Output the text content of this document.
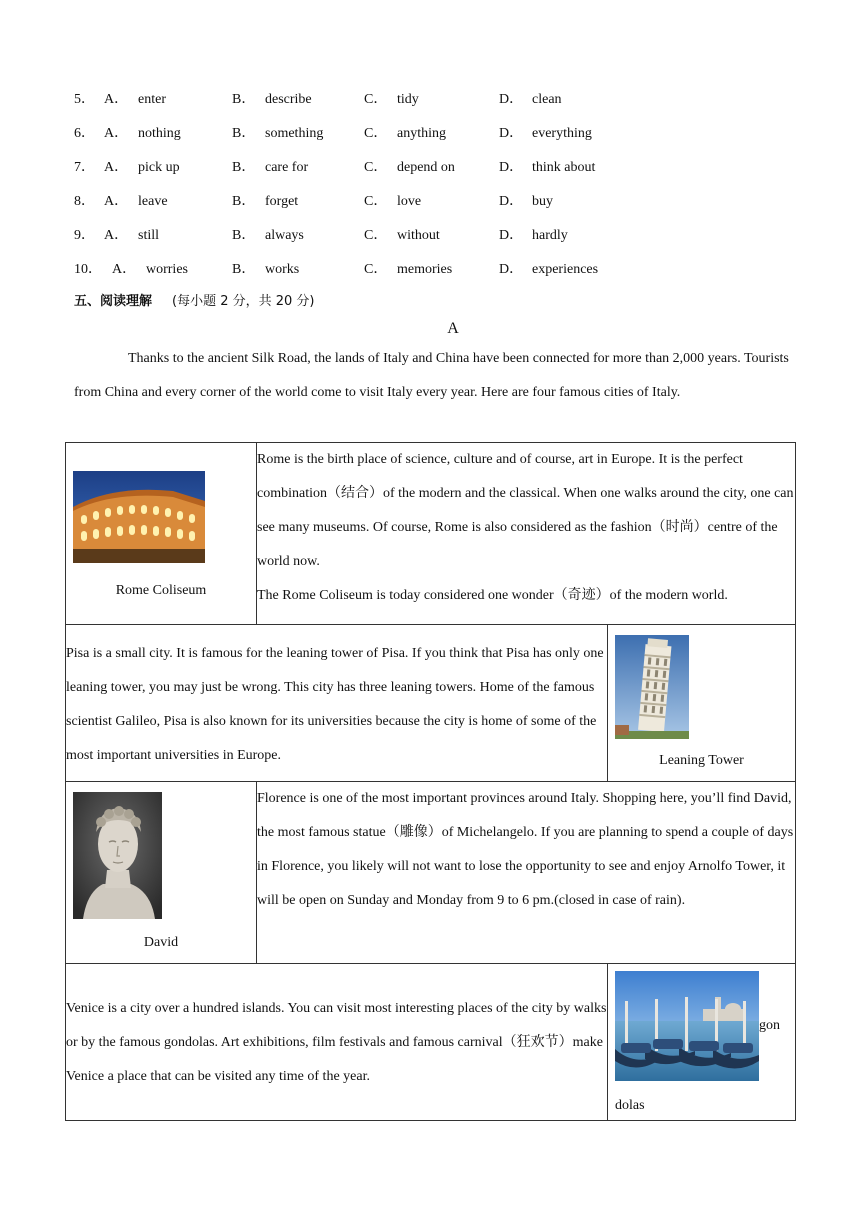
5． A． enter	B． describe	C． tidy	D． clean
6． A． nothing	B． something	C． anything	D． everything
7． A． pick up	B． care for	C． depend on	D． think about
8． A． leave	B． forget	C． love	D． buy
9． A． still	B． always	C． without	D． hardly
10． A． worries	B． works	C． memories	D． experiences
五、阅读理解 (每小题 2 分，共 20 分)
A

Thanks to the ancient Silk Road, the lands of Italy and China have been connected for more than 2,000 years. Tourists from China and every corner of the world come to visit Italy every year. Here are four famous cities of Italy.

Rome Coliseum	Rome is the birth place of science, culture and of course, art in Europe. It is the perfect combination（结合）of the modern and the classical. When one walks around the city, one can see many museums. Of course, Rome is also considered as the fashion（时尚）centre of the world now.
The Rome Coliseum is today considered one wonder（奇迹）of the modern world.	
Pisa is a small city. It is famous for the leaning tower of Pisa. If you think that Pisa has only one leaning tower, you may just be wrong. This city has three leaning towers. Home of the famous scientist Galileo, Pisa is also known for its universities because the city is home of some of the most important universities in Europe.		Leaning Tower

David	Florence is one of the most important provinces around Italy. Shopping here, you’ll find David, the most famous statue（雕像）of Michelangelo. If you are planning to spend a couple of days in Florence, you likely will not want to lose the opportunity to see and enjoy Arnolfo Tower, it will be open on Sunday and Monday from 9 to 6 pm.(closed in case of rain).	
Venice is a city over a hundred islands. You can visit most interesting places of the city by walks or by the famous gondolas. Art exhibitions, film festivals and famous carnival（狂欢节）make Venice a place that can be visited any time of the year.		gon
dolas
